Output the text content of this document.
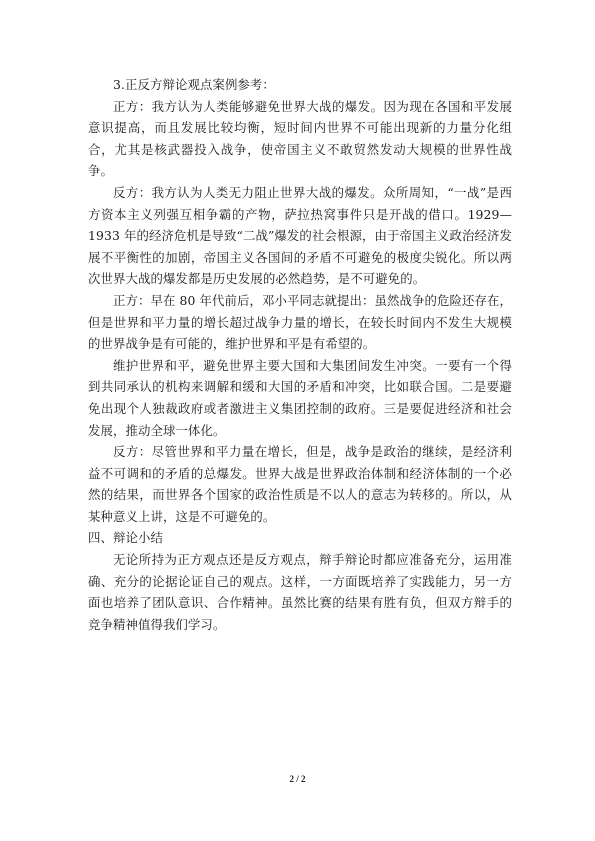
3.正反方辩论观点案例参考：

正方：我方认为人类能够避免世界大战的爆发。因为现在各国和平发展意识提高，而且发展比较均衡，短时间内世界不可能出现新的力量分化组合，尤其是核武器投入战争，使帝国主义不敢贸然发动大规模的世界性战争。

反方：我方认为人类无力阻止世界大战的爆发。众所周知，“一战”是西方资本主义列强互相争霸的产物，萨拉热窝事件只是开战的借口。1929—1933 年的经济危机是导致“二战”爆发的社会根源，由于帝国主义政治经济发展不平衡性的加剧，帝国主义各国间的矛盾不可避免的极度尖锐化。所以两次世界大战的爆发都是历史发展的必然趋势，是不可避免的。

正方：早在 80 年代前后，邓小平同志就提出：虽然战争的危险还存在，但是世界和平力量的增长超过战争力量的增长，在较长时间内不发生大规模的世界战争是有可能的，维护世界和平是有希望的。

维护世界和平，避免世界主要大国和大集团间发生冲突。一要有一个得到共同承认的机构来调解和缓和大国的矛盾和冲突，比如联合国。二是要避免出现个人独裁政府或者激进主义集团控制的政府。三是要促进经济和社会发展，推动全球一体化。

反方：尽管世界和平力量在增长，但是，战争是政治的继续，是经济利益不可调和的矛盾的总爆发。世界大战是世界政治体制和经济体制的一个必然的结果，而世界各个国家的政治性质是不以人的意志为转移的。所以，从某种意义上讲，这是不可避免的。

四、辩论小结

无论所持为正方观点还是反方观点，辩手辩论时都应准备充分，运用准确、充分的论据论证自己的观点。这样，一方面既培养了实践能力，另一方面也培养了团队意识、合作精神。虽然比赛的结果有胜有负，但双方辩手的竞争精神值得我们学习。

2 / 2
